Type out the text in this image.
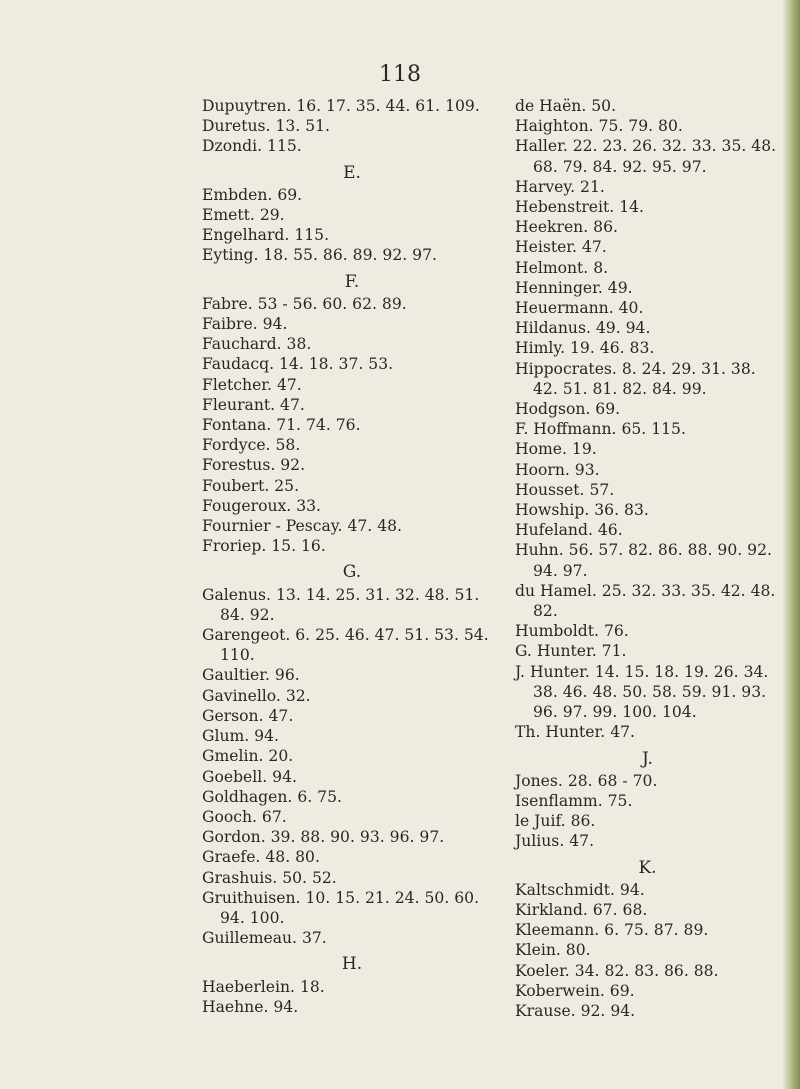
118
Dupuytren. 16. 17. 35. 44. 61. 109.
Duretus. 13. 51.
Dzondi. 115.
E.
Embden. 69.
Emett. 29.
Engelhard. 115.
Eyting. 18. 55. 86. 89. 92. 97.
F.
Fabre. 53 - 56. 60. 62. 89.
Faibre. 94.
Fauchard. 38.
Faudacq. 14. 18. 37. 53.
Fletcher. 47.
Fleurant. 47.
Fontana. 71. 74. 76.
Fordyce. 58.
Forestus. 92.
Foubert. 25.
Fougeroux. 33.
Fournier - Pescay. 47. 48.
Froriep. 15. 16.
G.
Galenus. 13. 14. 25. 31. 32. 48. 51. 84. 92.
Garengeot. 6. 25. 46. 47. 51. 53. 54. 110.
Gaultier. 96.
Gavinello. 32.
Gerson. 47.
Glum. 94.
Gmelin. 20.
Goebell. 94.
Goldhagen. 6. 75.
Gooch. 67.
Gordon. 39. 88. 90. 93. 96. 97.
Graefe. 48. 80.
Grashuis. 50. 52.
Gruithuisen. 10. 15. 21. 24. 50. 60. 94. 100.
Guillemeau. 37.
H.
Haeberlein. 18.
Haehne. 94.
de Haën. 50.
Haighton. 75. 79. 80.
Haller. 22. 23. 26. 32. 33. 35. 48. 68. 79. 84. 92. 95. 97.
Harvey. 21.
Hebenstreit. 14.
Heekren. 86.
Heister. 47.
Helmont. 8.
Henninger. 49.
Heuermann. 40.
Hildanus. 49. 94.
Himly. 19. 46. 83.
Hippocrates. 8. 24. 29. 31. 38. 42. 51. 81. 82. 84. 99.
Hodgson. 69.
F. Hoffmann. 65. 115.
Home. 19.
Hoorn. 93.
Housset. 57.
Howship. 36. 83.
Hufeland. 46.
Huhn. 56. 57. 82. 86. 88. 90. 92. 94. 97.
du Hamel. 25. 32. 33. 35. 42. 48. 82.
Humboldt. 76.
G. Hunter. 71.
J. Hunter. 14. 15. 18. 19. 26. 34. 38. 46. 48. 50. 58. 59. 91. 93. 96. 97. 99. 100. 104.
Th. Hunter. 47.
J.
Jones. 28. 68 - 70.
Isenflamm. 75.
le Juif. 86.
Julius. 47.
K.
Kaltschmidt. 94.
Kirkland. 67. 68.
Kleemann. 6. 75. 87. 89.
Klein. 80.
Koeler. 34. 82. 83. 86. 88.
Koberwein. 69.
Krause. 92. 94.
